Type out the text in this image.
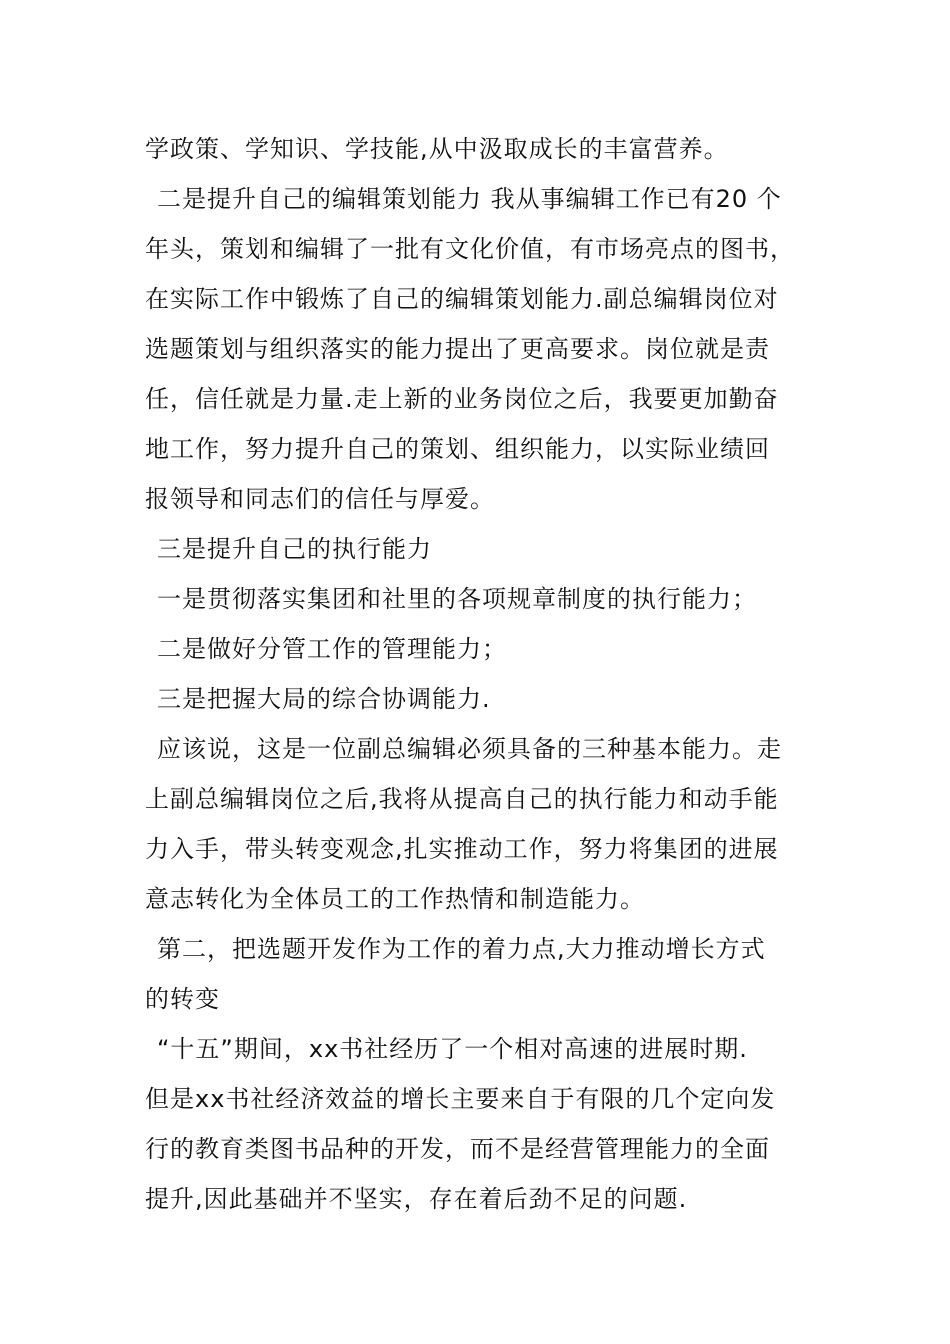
学政策、学知识、学技能,从中汲取成长的丰富营养。
二是提升自己的编辑策划能力 我从事编辑工作已有20 个
年头，策划和编辑了一批有文化价值，有市场亮点的图书，
在实际工作中锻炼了自己的编辑策划能力.副总编辑岗位对
选题策划与组织落实的能力提出了更高要求。岗位就是责
任，信任就是力量.走上新的业务岗位之后，我要更加勤奋
地工作，努力提升自己的策划、组织能力，以实际业绩回
报领导和同志们的信任与厚爱。
三是提升自己的执行能力
一是贯彻落实集团和社里的各项规章制度的执行能力；
二是做好分管工作的管理能力；
三是把握大局的综合协调能力.
应该说，这是一位副总编辑必须具备的三种基本能力。走
上副总编辑岗位之后,我将从提高自己的执行能力和动手能
力入手，带头转变观念,扎实推动工作，努力将集团的进展
意志转化为全体员工的工作热情和制造能力。
第二，把选题开发作为工作的着力点,大力推动增长方式
的转变
“十五”期间，xx书社经历了一个相对高速的进展时期.
但是xx书社经济效益的增长主要来自于有限的几个定向发
行的教育类图书品种的开发，而不是经营管理能力的全面
提升,因此基础并不坚实，存在着后劲不足的问题.
